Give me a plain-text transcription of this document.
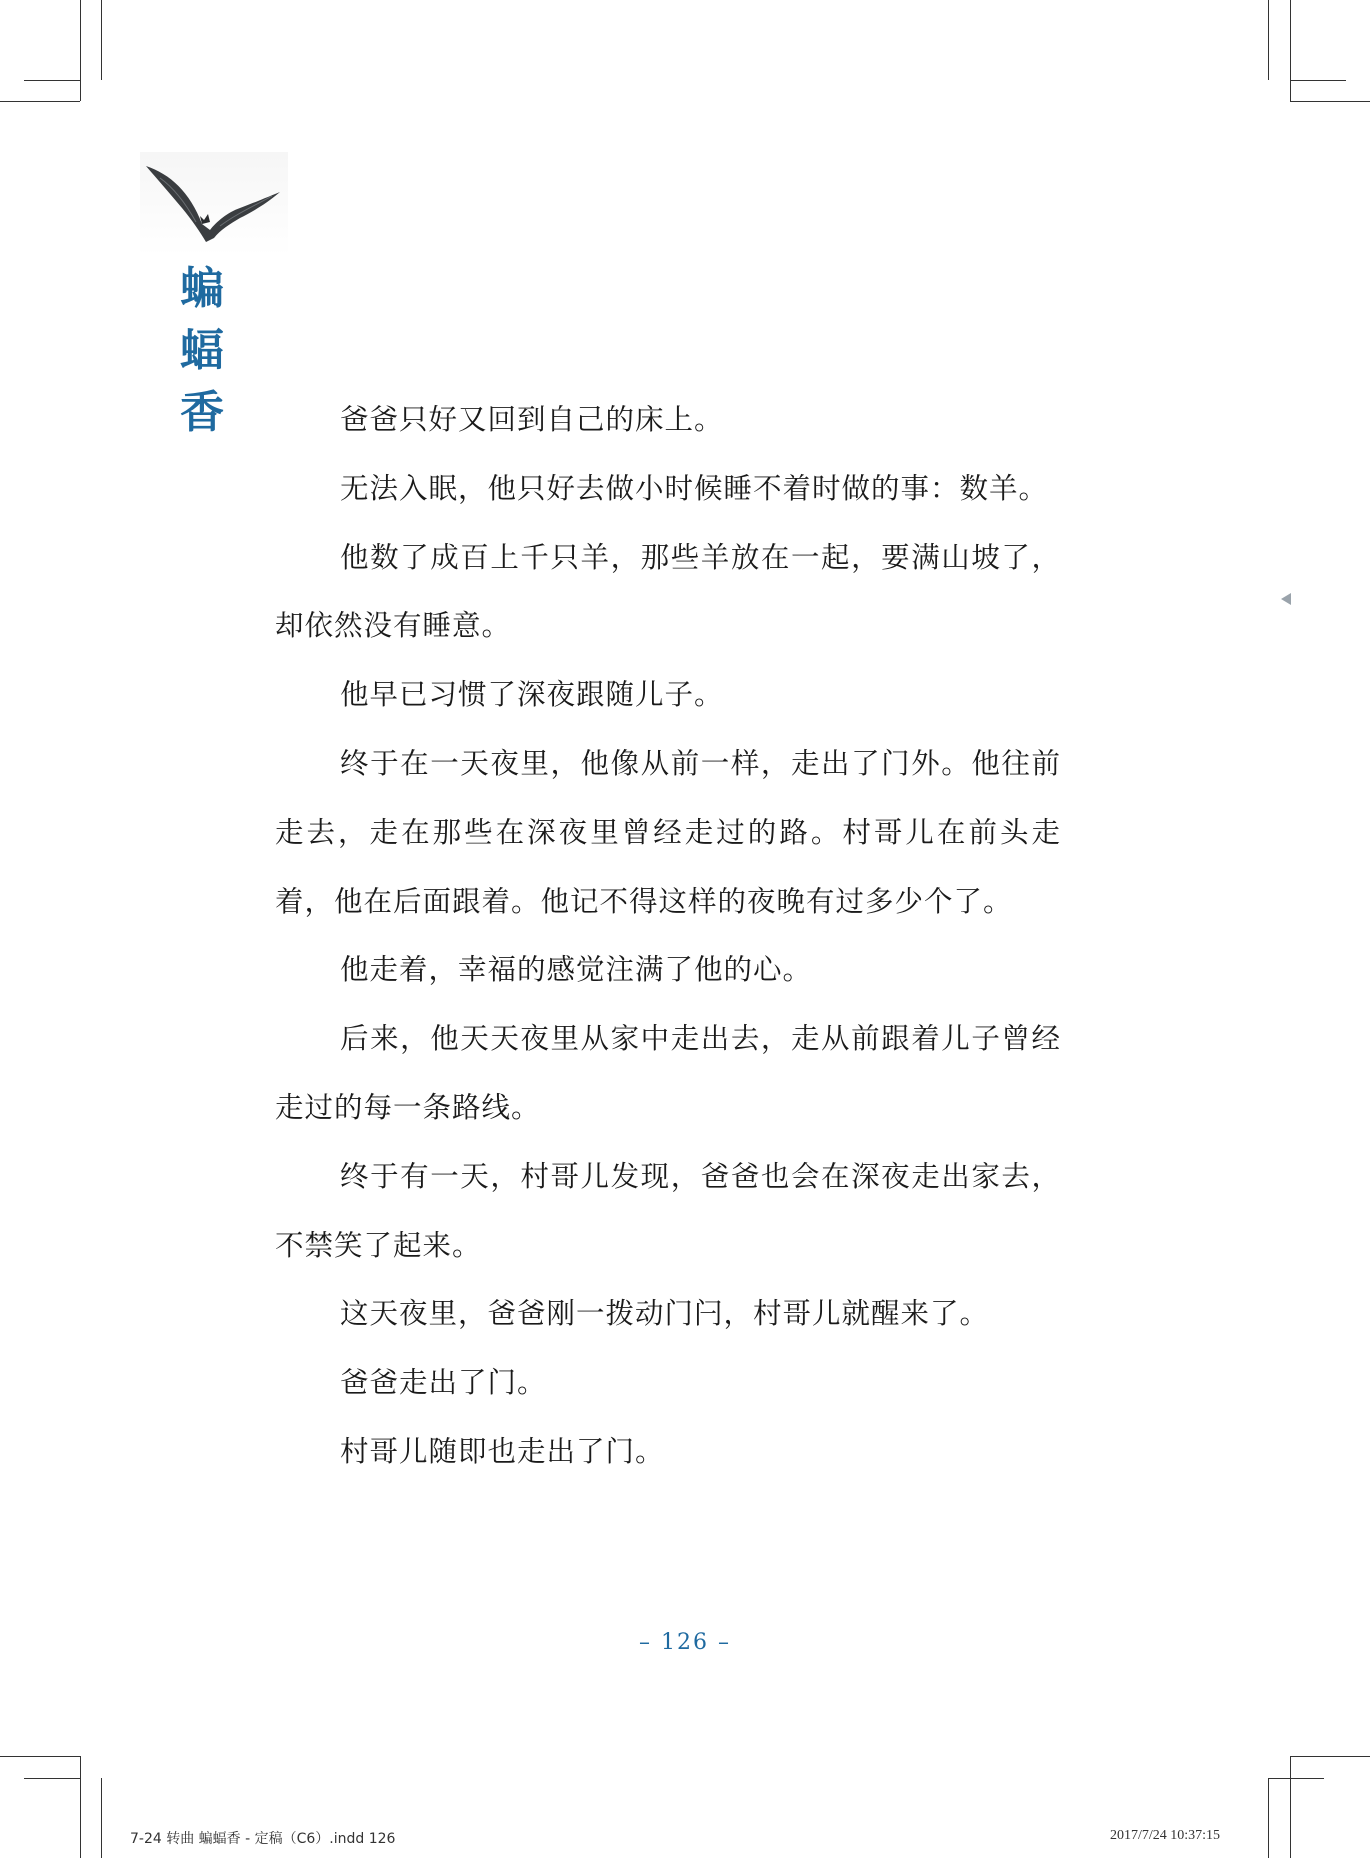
蝙
蝠
香	爸爸只好又回到自己的床上。

无法入眠，他只好去做小时候睡不着时做的事：数羊。

他数了成百上千只羊，那些羊放在一起，要满山坡了，却依然没有睡意。

他早已习惯了深夜跟随儿子。

终于在一天夜里，他像从前一样，走出了门外。他往前走去，走在那些在深夜里曾经走过的路。村哥儿在前头走着，他在后面跟着。他记不得这样的夜晚有过多少个了。

他走着，幸福的感觉注满了他的心。

后来，他天天夜里从家中走出去，走从前跟着儿子曾经走过的每一条路线。

终于有一天，村哥儿发现，爸爸也会在深夜走出家去，不禁笑了起来。

这天夜里，爸爸刚一拨动门闩，村哥儿就醒来了。

爸爸走出了门。

村哥儿随即也走出了门。

– 126 –
7-24 转曲 蝙蝠香 - 定稿（C6）.indd 126	2017/7/24 10:37:15
